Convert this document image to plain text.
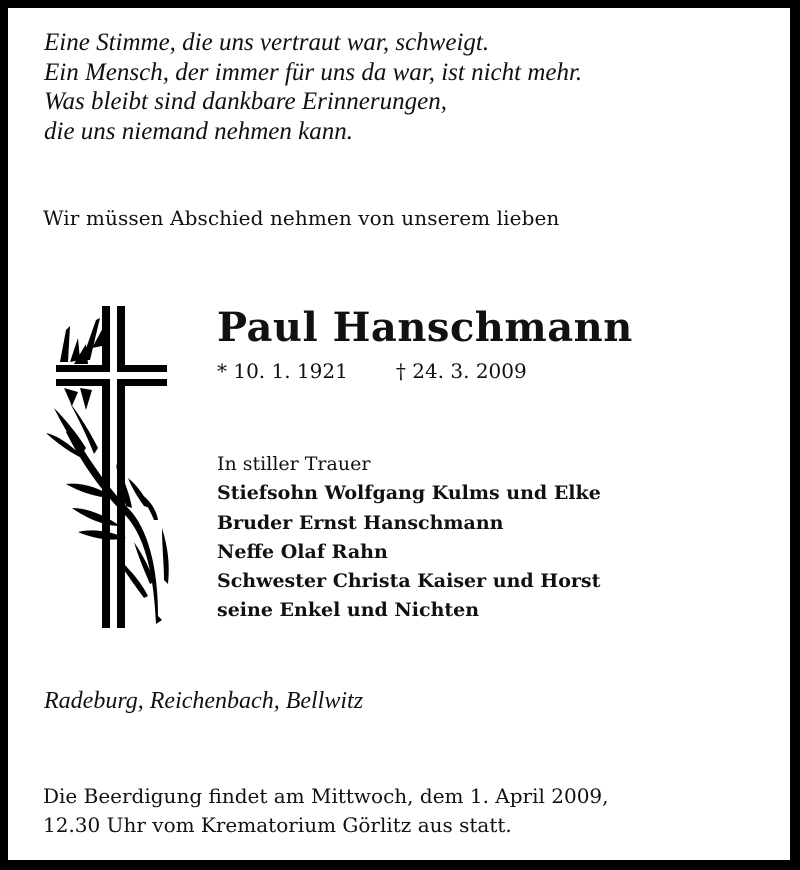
Eine Stimme, die uns vertraut war, schweigt.
Ein Mensch, der immer für uns da war, ist nicht mehr.
Was bleibt sind dankbare Erinnerungen,
die uns niemand nehmen kann.
Wir müssen Abschied nehmen von unserem lieben
Paul Hanschmann
* 10. 1. 1921 † 24. 3. 2009
In stiller Trauer
Stiefsohn Wolfgang Kulms und Elke
Bruder Ernst Hanschmann
Neffe Olaf Rahn
Schwester Christa Kaiser und Horst
seine Enkel und Nichten
Radeburg, Reichenbach, Bellwitz
Die Beerdigung findet am Mittwoch, dem 1. April 2009,
12.30 Uhr vom Krematorium Görlitz aus statt.
